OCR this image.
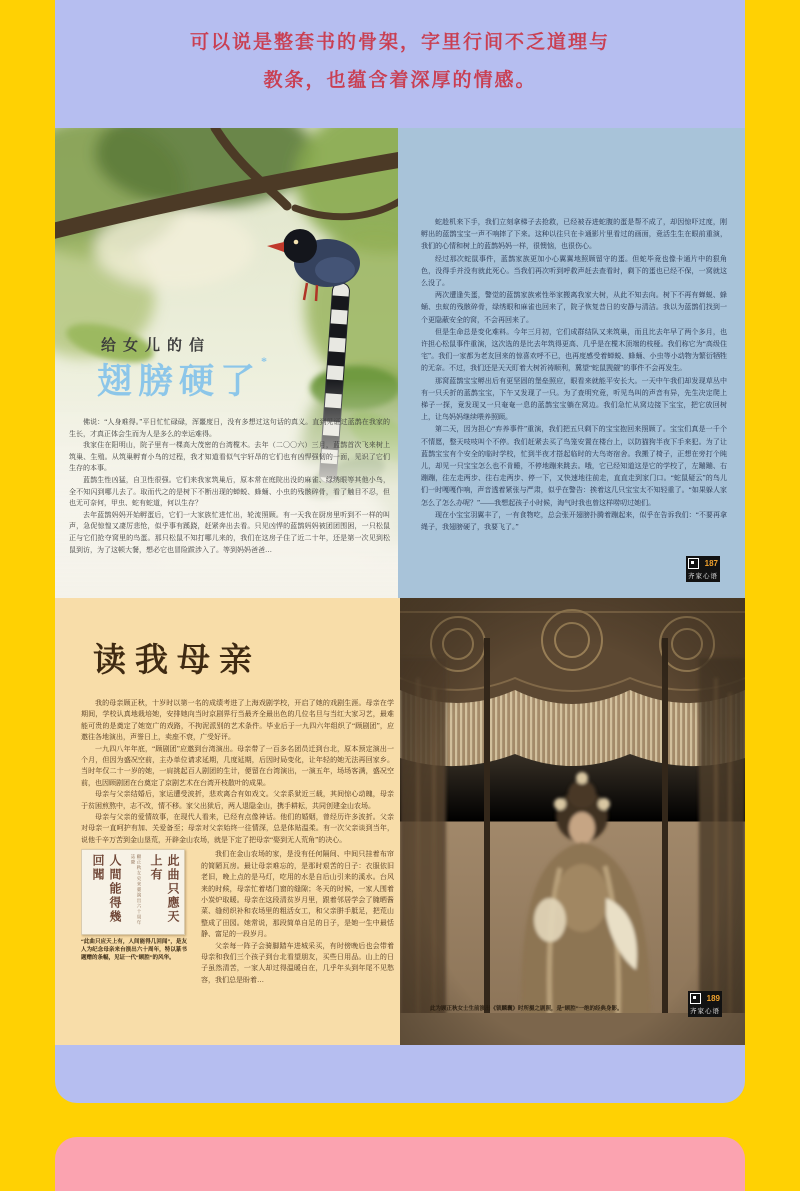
可以说是整套书的骨架，字里行间不乏道理与
教条，也蕴含着深厚的情感。
给女儿的信
翅膀硬了*

佛说：“人身难得。”平日忙忙碌碌，浑噩度日，没有多想过这句话的真义。直到见证过蓝鹊在我家的生长，才真正体会生而为人是多么的幸运难得。

我家住在阳明山，院子里有一棵高大茂密的台湾榄木。去年（二〇〇六）三月，蓝鹊首次飞来树上筑巢、生殖。从筑巢孵育小鸟的过程，我才知道看似气宇轩昂的它们也有凶悍强韧的一面，见识了它们生存的本事。

蓝鹊生性凶猛，自卫性很强。它们来我家筑巢后，原本常在庭院出没的麻雀、绿绣眼等其他小鸟，全不知闪到哪儿去了。取而代之的是树下不断出现的蝉蜕、蜂蛹、小虫的残骸碎骨，看了触目不忍，但也无可奈何，甲虫、蛇有蛇道，何以生存？

去年蓝鹊妈妈开始孵蛋后，它们一大家族忙进忙出，轮流照顾。有一天我在厨房里听到不一样的叫声，急促惊惶又凄厉悲怆，似乎事有蹊跷，赶紧奔出去看。只见凶悍的蓝鹊妈妈被团团围困，一只松鼠正与它们抢夺窝里的鸟蛋。那只松鼠不知打哪儿来的，我们在这房子住了近二十年，还是第一次见到松鼠到访，为了这顿大餐，想必它也冒险跋涉入了。等到妈妈爸爸…

蛇趁机来下手，我们立刻拿梯子去抢救，已经被吞进蛇腹的蛋是帮不成了，却因惊吓过度，刚孵出的蓝鹊宝宝一声不响摔了下来。这种以往只在卡通影片里看过的画面，竟活生生在眼前重演，我们的心情和树上的蓝鹊妈妈一样，很懊恼，也很伤心。

经过那次蛇鼠事件，蓝鹊家族更加小心翼翼地照顾留守的蛋。但蛇毕竟也像卡通片中的狠角色，没得手并没有就此死心。当我们再次听到呼救声赶去查看时，剩下的蛋也已经不保，一窝就这么没了。

两次遭逢失蛋，警觉的蓝鹊家族索性举家搬离我家大树，从此不知去向。树下不再有蝉蜕、蜂蛹、虫蚁的残骸碎骨，绿绣眼和麻雀也回来了，院子恢复昔日的安静与清洁。我以为蓝鹊们找到一个更隐蔽安全的窝，不会再回来了。

但是生命总是变化难料。今年三月初，它们成群结队又来筑巢，而且比去年早了两个多月，也许担心松鼠事件重演，这次选的是比去年筑得更高、几乎是在榄木顶端的枝桠。我们称它为“高级住宅”。我们一家都为老友回来的惊喜欢呼不已，也再度感受着蝉蜕、蜂蛹、小虫等小动物为繁衍牺牲的无奈。不过，我们还是天天盯着大树祈祷顺利，冀望“蛇鼠觊觎”的事件不会再发生。

那窝蓝鹊宝宝孵出后有更坚固的堡垒照应，眼看来就能平安长大。一天中午我们却发现草丛中有一只夭折的蓝鹊宝宝，下午又发现了一只。为了查明究竟，听见鸟叫的声音有异，先生决定爬上梯子一探，竟发现又一只奄奄一息的蓝鹊宝宝躺在窝边。我们急忙从窝边接下宝宝，把它放回树上，让鸟妈妈继续喂养照顾。

第二天，因为担心“弃养事件”重演，我们把五只剩下的宝宝抱回来照顾了。宝宝们真是一千个不情愿，整天吱吱叫个不停。我们赶紧去买了鸟笼安置在楼台上，以防猫狗半夜下手来犯。为了让蓝鹊宝宝有个安全的临时学校，忙到半夜才搭起临时的大鸟寄宿舍。我搬了椅子，正想在旁打个盹儿，却见一只宝宝怎么也不肯睡，不停地蹦来跳去。哦，它已经知道这是它的学校了，左蹦蹦、右蹦蹦，往左走两步、往右走两步、停一下，又快速地往前走，直直走到家门口。“蛇鼠疑云”的鸟儿们一时嘎嘎作响，声音透着紧张与严肃，似乎在警告：挨着这几只宝宝太不知轻重了。“如果躲人家怎么了怎么办呢？”——我想起孩子小时候，淘气时我也曾这样唠叨过她们。

现在小宝宝羽翼丰了，一有食物吃，总会张开翅膀扑腾着蹦起来，似乎在告诉我们：“不要再拿绳子，我翅膀硬了，我要飞了。”

187
齐家心语
读我母亲

我的母亲顾正秋，十岁时以第一名的成绩考进了上海戏剧学校，开启了她的戏剧生涯。母亲在学期间，学校认真地栽培她，安排她向当时京剧界行当最齐全最出色的几位名旦与当红大家习艺，最难能可贵的是奠定了她宽广的戏路，不拘泥派别的艺术条件。毕业后于一九四六年组织了“顾剧团”，应邀往各地演出，声誉日上，卖座不衰，广受好评。

一九四八年年底，“顾剧团”应邀到台湾演出。母亲带了一百多名团员迁到台北，原本预定演出一个月，但因为盛况空前，主办单位请求延期，几度延期，后因时局变化，让年轻的她无法再回家乡。当时年仅二十一岁的她，一肩挑起百人剧团的生计，便留在台湾演出，一演五年，场场客满，盛况空前，也因顾剧团在台奠定了京剧艺术在台湾开枝散叶的成果。

母亲与父亲结婚后，家运遭受波折，悲欢离合有如戏文。父亲系狱近三载，其间惊心动魄，母亲于贫困煎熬中，志不改，情不移。家父出狱后，两人退隐金山，携手耕耘，共同创建金山农场。

母亲与父亲的爱情故事，在现代人看来，已经有点像神话。他们的婚姻，曾经历许多波折。父亲对母亲一直呵护有加、关爱备至；母亲对父亲始终一往情深，总是体贴温柔。有一次父亲谈到当年，说他千辛万苦到金山垦荒，开辟金山农场，就是下定了把母亲“娶到无人荒角”的决心。

此曲只應天上有
顧正秋女史來臺演出六十周年誌慶
人間能得幾回聞
“此曲只应天上有，人间能得几回闻”，是友人为纪念母亲来台演出六十周年，特以篆书题赠的条幅，见证一代“顾腔”的风华。

我们在金山农场的家，是没有任何隔间、中间只挂着布帘的简陋瓦房。最让母亲难忘的，是那时艰苦的日子：衣服依旧老旧，晚上点的是马灯，吃用的水是自后山引来的溪水。台风来的时候，母亲忙着堵门窗的缝隙；冬天的时候，一家人围着小炭炉取暖。母亲在这段清贫岁月里，跟着邻居学会了腌晒酱菜、缝纫织补和农场里的粗活女工，和父亲胼手胝足，把荒山整成了田园。她常说，那段简单自足的日子，是她一生中最恬静、富足的一段岁月。

父亲每一阵子会骑脚踏车进城采买，有时傍晚后也会带着母亲和我们三个孩子到台北看望朋友，买些日用品。山上的日子虽然清苦，一家人却过得温暖自在，几乎年头到年尾不见愁容，我们总是盼着…

此为顾正秋女士生前演出《锁麟囊》时所摄之剧照，是“顾腔”一绝的经典身影。
189
齐家心语
